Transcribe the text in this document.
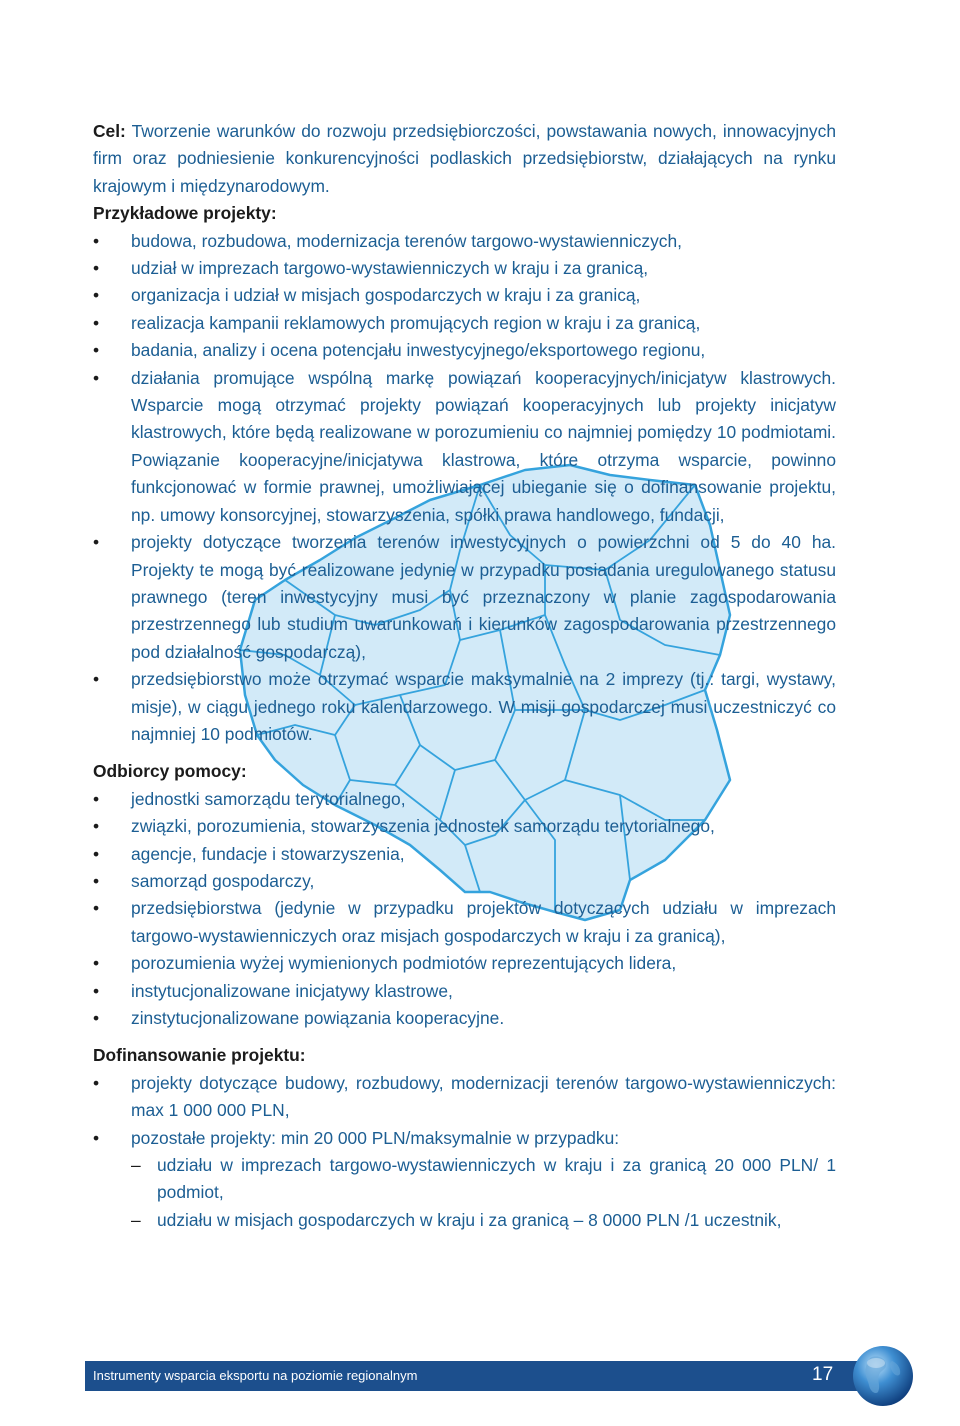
Cel: Tworzenie warunków do rozwoju przedsiębiorczości, powstawania nowych, innowacyjnych firm oraz podniesienie konkurencyjności podlaskich przedsiębiorstw, działających na rynku krajowym i międzynarodowym.

Przykładowe projekty:

• budowa, rozbudowa, modernizacja terenów targowo-wystawienniczych,
• udział w imprezach targowo-wystawienniczych w kraju i za granicą,
• organizacja i udział w misjach gospodarczych w kraju i za granicą,
• realizacja kampanii reklamowych promujących region w kraju i za granicą,
• badania, analizy i ocena potencjału inwestycyjnego/eksportowego regionu,
• działania promujące wspólną markę powiązań kooperacyjnych/inicjatyw klastrowych. Wsparcie mogą otrzymać projekty powiązań kooperacyjnych lub projekty inicjatyw klastrowych, które będą realizowane w porozumieniu co najmniej pomiędzy 10 podmiotami. Powiązanie kooperacyjne/inicjatywa klastrowa, które otrzyma wsparcie, powinno funkcjonować w formie prawnej, umożliwiającej ubieganie się o dofinansowanie projektu, np. umowy konsorcyjnej, stowarzyszenia, spółki prawa handlowego, fundacji,
• projekty dotyczące tworzenia terenów inwestycyjnych o powierzchni od 5 do 40 ha. Projekty te mogą być realizowane jedynie w przypadku posiadania uregulowanego statusu prawnego (teren inwestycyjny musi być przeznaczony w planie zagospodarowania przestrzennego lub studium uwarunkowań i kierunków zagospodarowania przestrzennego pod działalność gospodarczą),
• przedsiębiorstwo może otrzymać wsparcie maksymalnie na 2 imprezy (tj.: targi, wystawy, misje), w ciągu jednego roku kalendarzowego. W misji gospodarczej musi uczestniczyć co najmniej 10 podmiotów.

Odbiorcy pomocy:

• jednostki samorządu terytorialnego,
• związki, porozumienia, stowarzyszenia jednostek samorządu terytorialnego,
• agencje, fundacje i stowarzyszenia,
• samorząd gospodarczy,
• przedsiębiorstwa (jedynie w przypadku projektów dotyczących udziału w imprezach targowo-wystawienniczych oraz misjach gospodarczych w kraju i za granicą),
• porozumienia wyżej wymienionych podmiotów reprezentujących lidera,
• instytucjonalizowane inicjatywy klastrowe,
• zinstytucjonalizowane powiązania kooperacyjne.

Dofinansowanie projektu:

• projekty dotyczące budowy, rozbudowy, modernizacji terenów targowo-wystawienniczych: max 1 000 000 PLN,
• pozostałe projekty: min 20 000 PLN/maksymalnie w przypadku:
– udziału w imprezach targowo-wystawienniczych w kraju i za granicą 20 000 PLN/ 1 podmiot,
– udziału w misjach gospodarczych w kraju i za granicą – 8 0000 PLN /1 uczestnik,
Instrumenty wsparcia eksportu na poziomie regionalnym	17
